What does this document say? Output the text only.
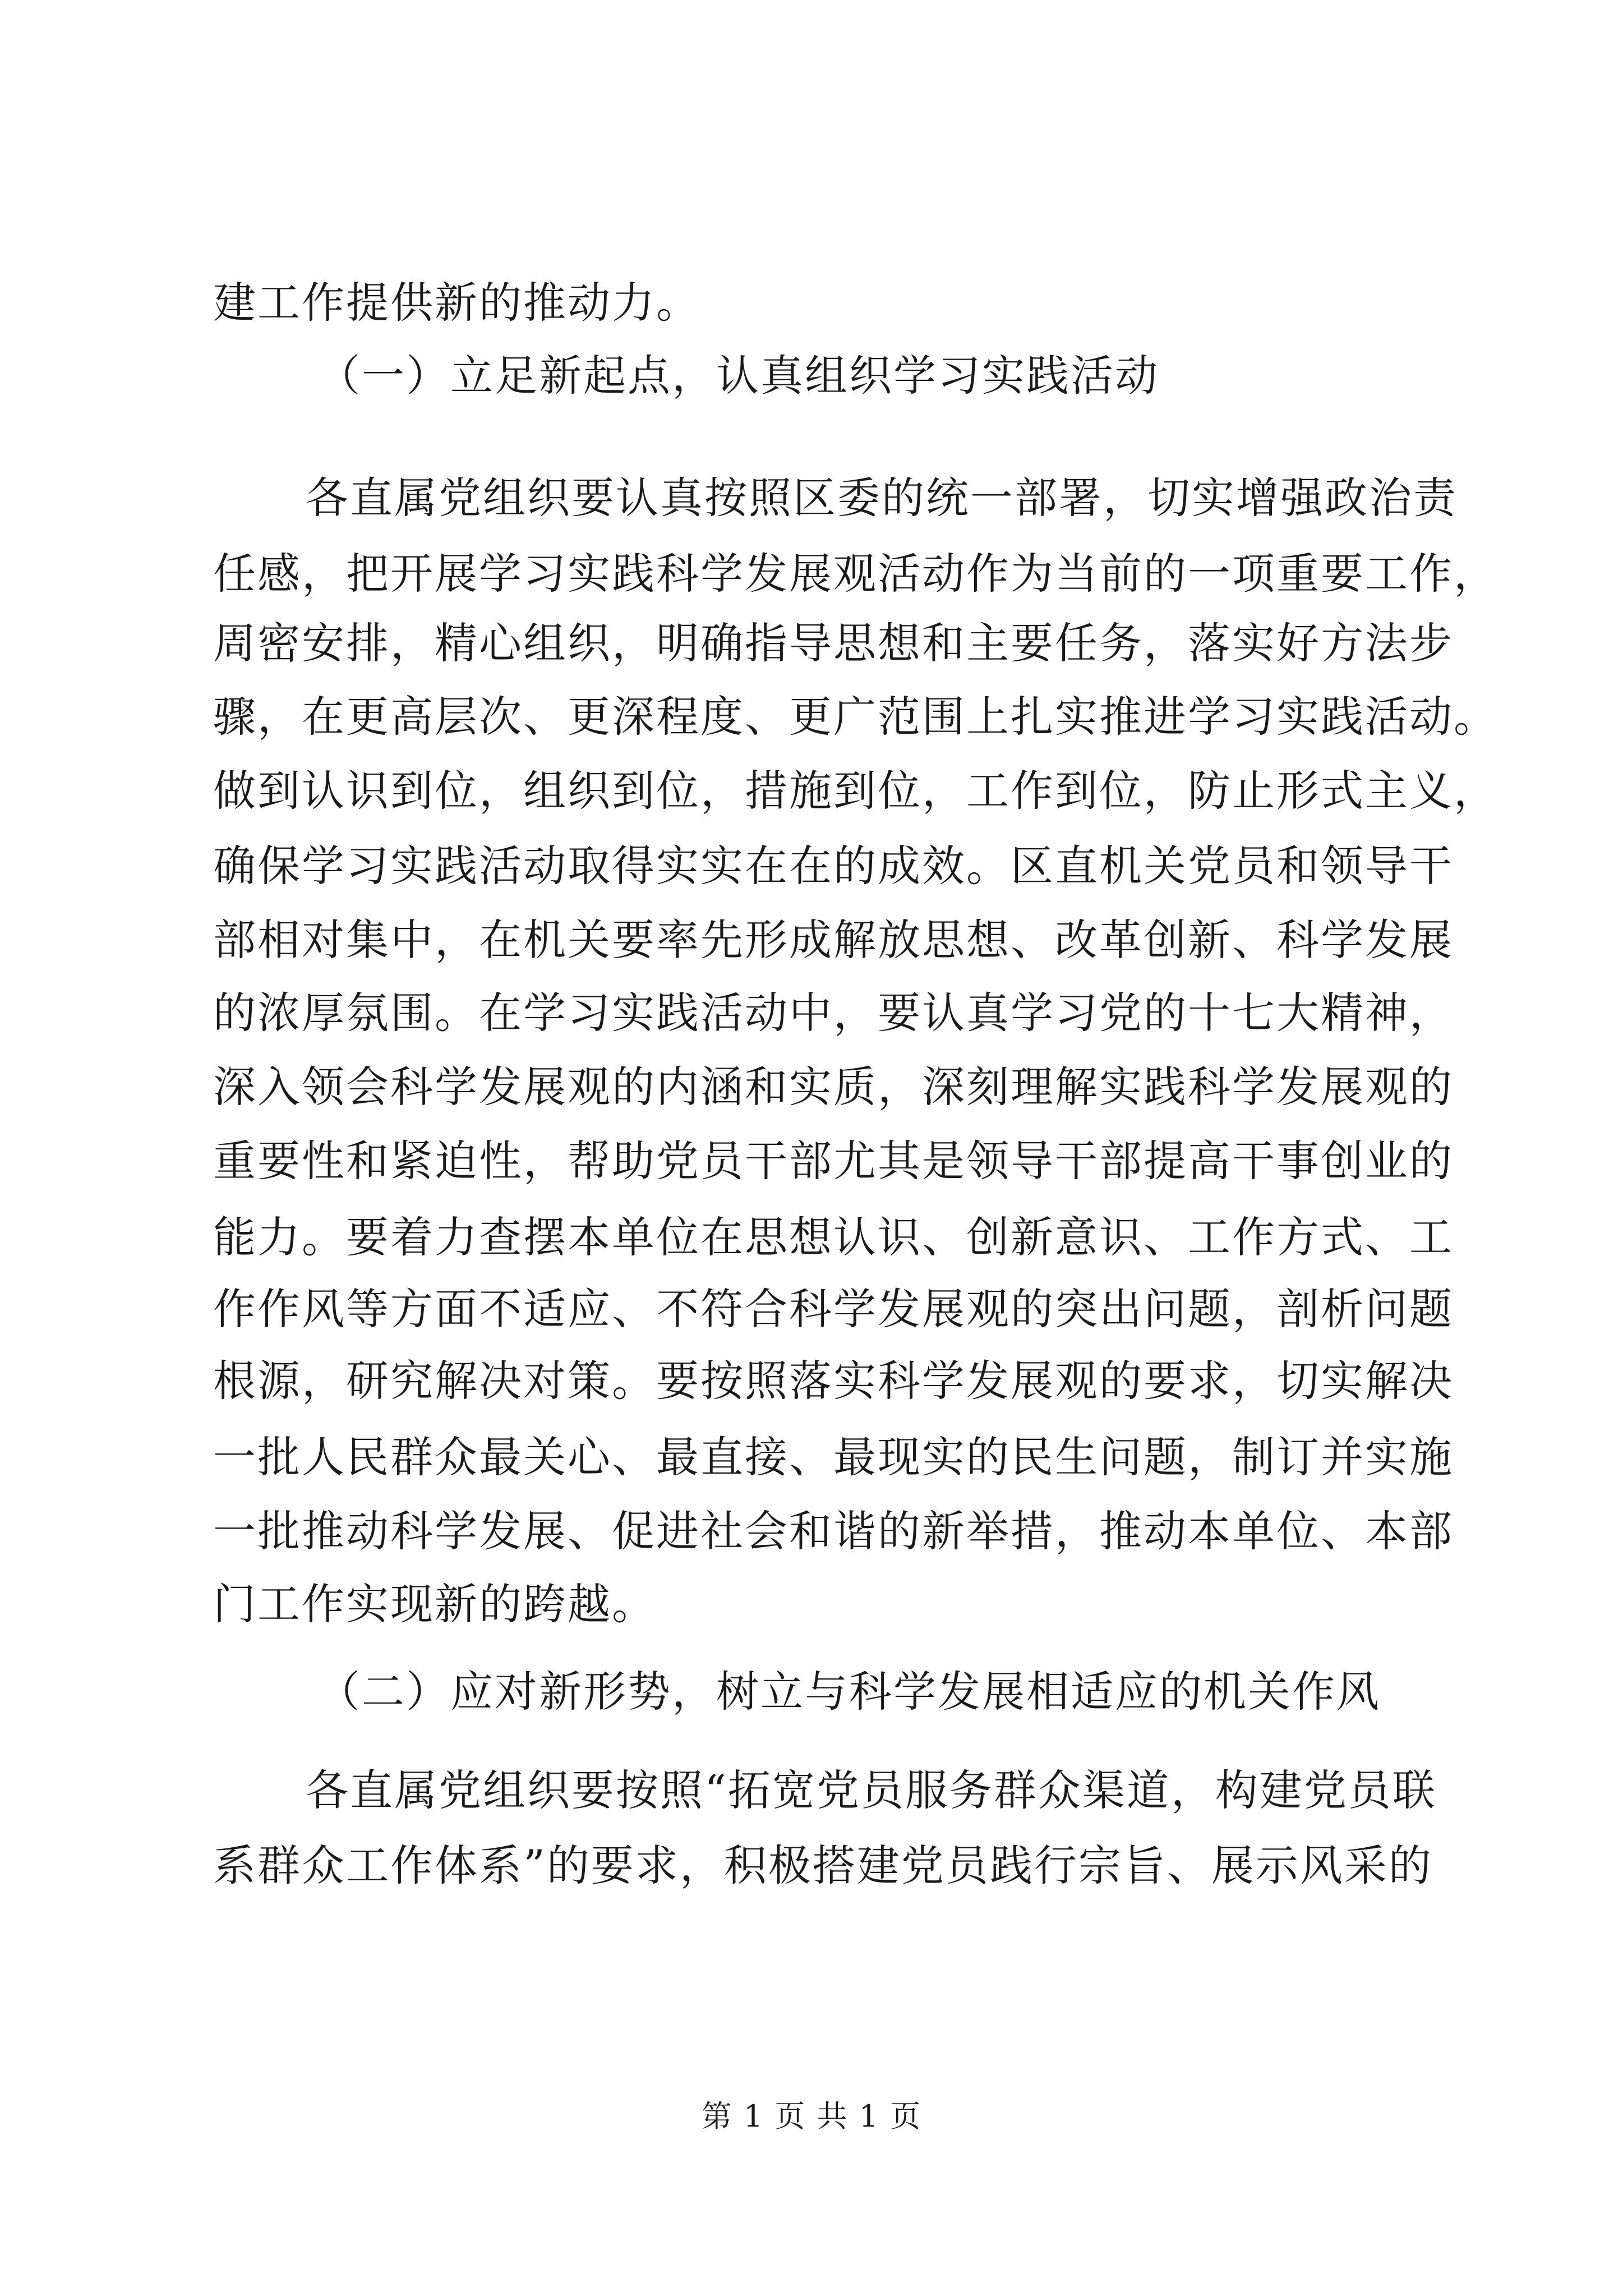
建工作提供新的推动力。
（一）立足新起点，认真组织学习实践活动
各直属党组织要认真按照区委的统一部署，切实增强政治责
任感，把开展学习实践科学发展观活动作为当前的一项重要工作，
周密安排，精心组织，明确指导思想和主要任务，落实好方法步
骤，在更高层次、更深程度、更广范围上扎实推进学习实践活动。
做到认识到位，组织到位，措施到位，工作到位，防止形式主义，
确保学习实践活动取得实实在在的成效。区直机关党员和领导干
部相对集中，在机关要率先形成解放思想、改革创新、科学发展
的浓厚氛围。在学习实践活动中，要认真学习党的十七大精神，
深入领会科学发展观的内涵和实质，深刻理解实践科学发展观的
重要性和紧迫性，帮助党员干部尤其是领导干部提高干事创业的
能力。要着力查摆本单位在思想认识、创新意识、工作方式、工
作作风等方面不适应、不符合科学发展观的突出问题，剖析问题
根源，研究解决对策。要按照落实科学发展观的要求，切实解决
一批人民群众最关心、最直接、最现实的民生问题，制订并实施
一批推动科学发展、促进社会和谐的新举措，推动本单位、本部
门工作实现新的跨越。
（二）应对新形势，树立与科学发展相适应的机关作风
各直属党组织要按照“拓宽党员服务群众渠道，构建党员联
系群众工作体系”的要求，积极搭建党员践行宗旨、展示风采的
第 1 页 共 1 页
